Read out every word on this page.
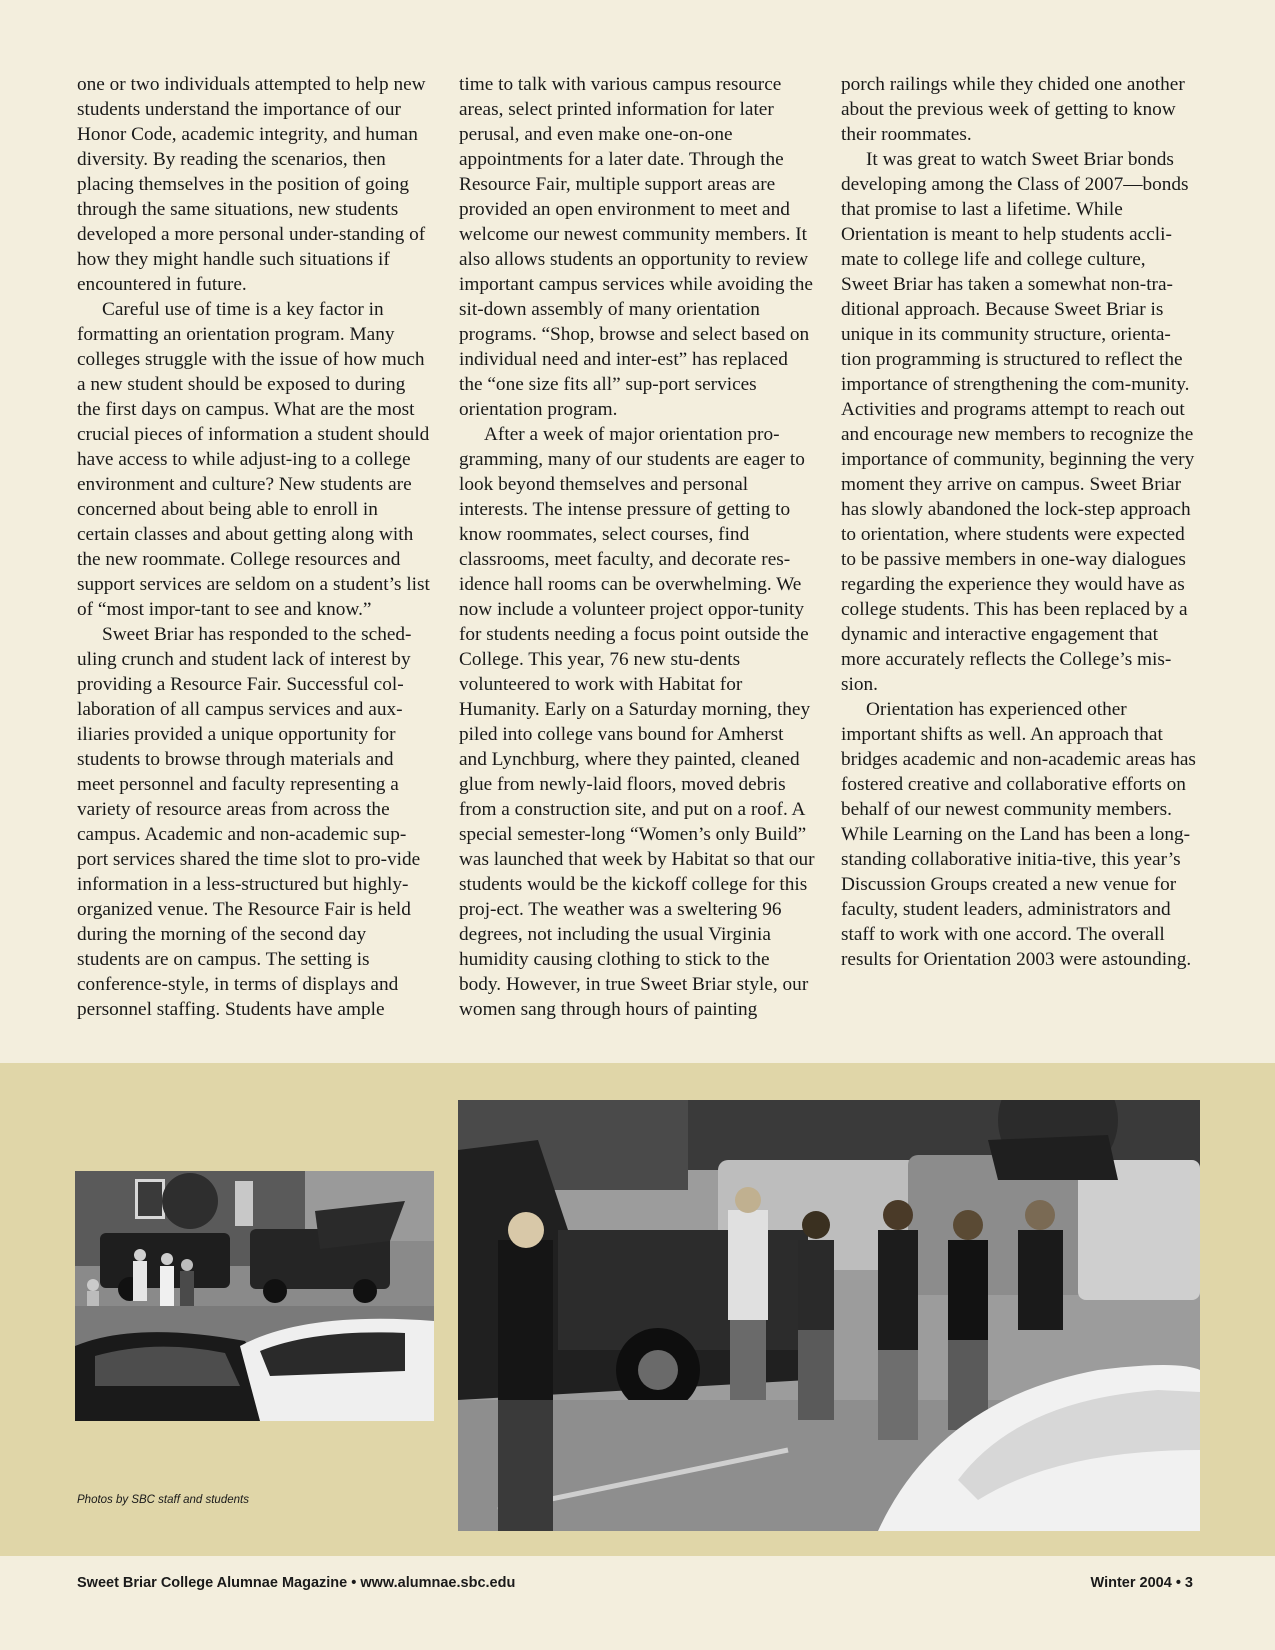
one or two individuals attempted to help new students understand the importance of our Honor Code, academic integrity, and human diversity. By reading the scenarios, then placing themselves in the position of going through the same situations, new students developed a more personal under-standing of how they might handle such situations if encountered in future.

Careful use of time is a key factor in formatting an orientation program. Many colleges struggle with the issue of how much a new student should be exposed to during the first days on campus. What are the most crucial pieces of information a student should have access to while adjust-ing to a college environment and culture? New students are concerned about being able to enroll in certain classes and about getting along with the new roommate. College resources and support services are seldom on a student’s list of “most impor-tant to see and know.”

Sweet Briar has responded to the sched-uling crunch and student lack of interest by providing a Resource Fair. Successful col-laboration of all campus services and aux-iliaries provided a unique opportunity for students to browse through materials and meet personnel and faculty representing a variety of resource areas from across the campus. Academic and non-academic sup-port services shared the time slot to pro-vide information in a less-structured but highly-organized venue. The Resource Fair is held during the morning of the second day students are on campus. The setting is conference-style, in terms of displays and personnel staffing. Students have ample

time to talk with various campus resource areas, select printed information for later perusal, and even make one-on-one appointments for a later date. Through the Resource Fair, multiple support areas are provided an open environment to meet and welcome our newest community members. It also allows students an opportunity to review important campus services while avoiding the sit-down assembly of many orientation programs. “Shop, browse and select based on individual need and inter-est” has replaced the “one size fits all” sup-port services orientation program.

After a week of major orientation pro-gramming, many of our students are eager to look beyond themselves and personal interests. The intense pressure of getting to know roommates, select courses, find classrooms, meet faculty, and decorate res-idence hall rooms can be overwhelming. We now include a volunteer project oppor-tunity for students needing a focus point outside the College. This year, 76 new stu-dents volunteered to work with Habitat for Humanity. Early on a Saturday morning, they piled into college vans bound for Amherst and Lynchburg, where they painted, cleaned glue from newly-laid floors, moved debris from a construction site, and put on a roof. A special semester-long “Women’s only Build” was launched that week by Habitat so that our students would be the kickoff college for this proj-ect. The weather was a sweltering 96 degrees, not including the usual Virginia humidity causing clothing to stick to the body. However, in true Sweet Briar style, our women sang through hours of painting

porch railings while they chided one another about the previous week of getting to know their roommates.

It was great to watch Sweet Briar bonds developing among the Class of 2007—bonds that promise to last a lifetime. While Orientation is meant to help students accli-mate to college life and college culture, Sweet Briar has taken a somewhat non-tra-ditional approach. Because Sweet Briar is unique in its community structure, orienta-tion programming is structured to reflect the importance of strengthening the com-munity. Activities and programs attempt to reach out and encourage new members to recognize the importance of community, beginning the very moment they arrive on campus. Sweet Briar has slowly abandoned the lock-step approach to orientation, where students were expected to be passive members in one-way dialogues regarding the experience they would have as college students. This has been replaced by a dynamic and interactive engagement that more accurately reflects the College’s mis-sion.

Orientation has experienced other important shifts as well. An approach that bridges academic and non-academic areas has fostered creative and collaborative efforts on behalf of our newest community members. While Learning on the Land has been a long-standing collaborative initia-tive, this year’s Discussion Groups created a new venue for faculty, student leaders, administrators and staff to work with one accord. The overall results for Orientation 2003 were astounding.

Photos by SBC staff and students
Sweet Briar College Alumnae Magazine • www.alumnae.sbc.edu	Winter 2004 • 3
